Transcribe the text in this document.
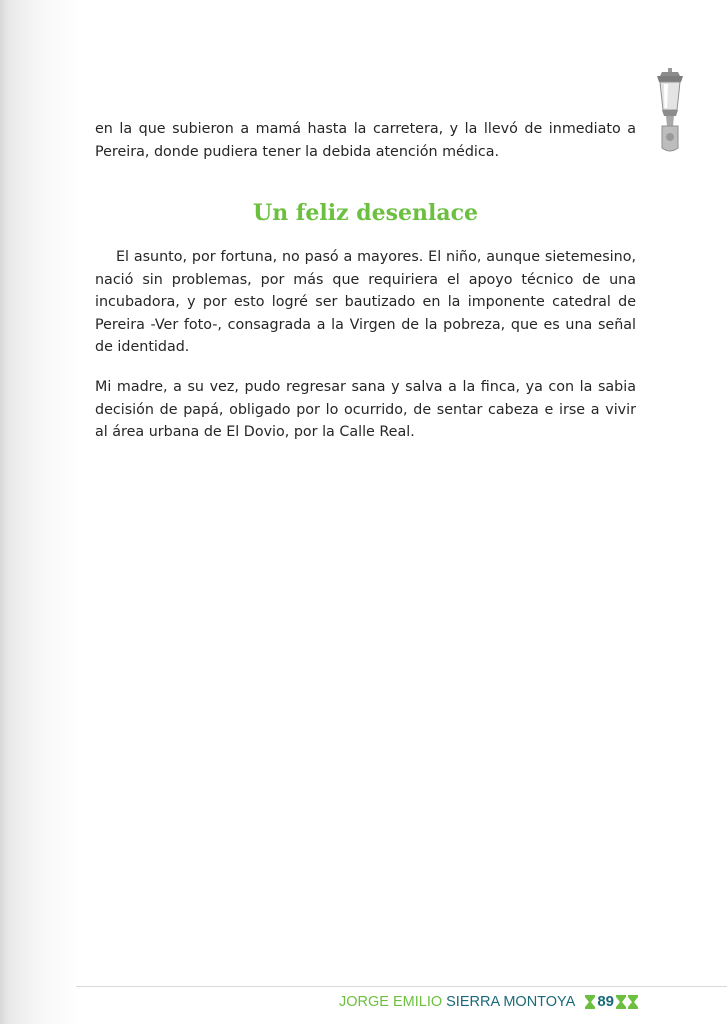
en la que subieron a mamá hasta la carretera, y la llevó de inmediato a Pereira, donde pudiera tener la debida atención médica.

Un feliz desenlace

El asunto, por fortuna, no pasó a mayores. El niño, aunque sietemesino, nació sin problemas, por más que requiriera el apoyo técnico de una incubadora, y por esto logré ser bautizado en la imponente catedral de Pereira -Ver foto-, consagrada a la Virgen de la pobreza, que es una señal de identidad.

Mi madre, a su vez, pudo regresar sana y salva a la finca, ya con la sabia decisión de papá, obligado por lo ocurrido, de sentar cabeza e irse a vivir al área urbana de El Dovio, por la Calle Real.

JORGE EMILIO SIERRA MONTOYA 89
